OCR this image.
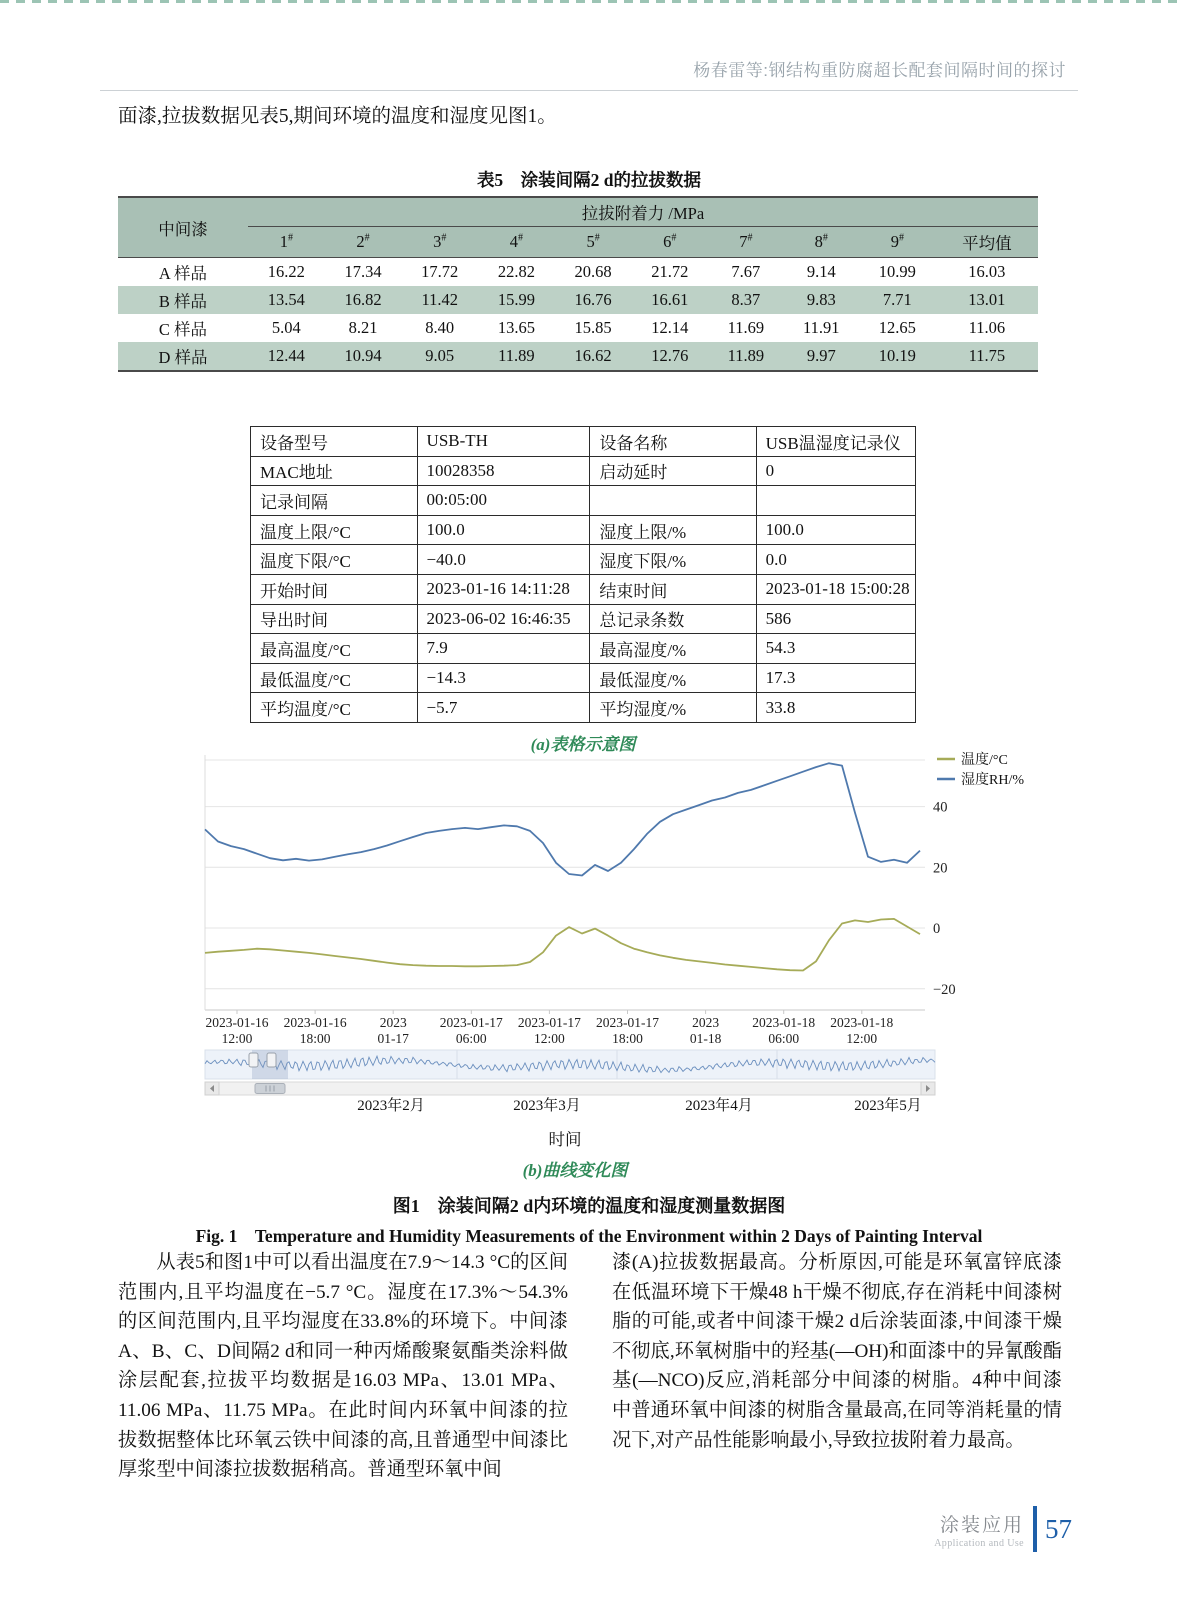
杨春雷等:钢结构重防腐超长配套间隔时间的探讨

面漆,拉拔数据见表5,期间环境的温度和湿度见图1。

表5　涂装间隔2 d的拉拔数据
中间漆	拉拔附着力 /MPa									
	1#	2#	3#	4#	5#	6#	7#	8#	9#	平均值
A 样品	16.22	17.34	17.72	22.82	20.68	21.72	7.67	9.14	10.99	16.03
B 样品	13.54	16.82	11.42	15.99	16.76	16.61	8.37	9.83	7.71	13.01
C 样品	5.04	8.21	8.40	13.65	15.85	12.14	11.69	11.91	12.65	11.06
D 样品	12.44	10.94	9.05	11.89	16.62	12.76	11.89	9.97	10.19	11.75
设备型号	USB-TH	设备名称	USB温湿度记录仪
MAC地址	10028358	启动延时	0
记录间隔	00:05:00		
温度上限/°C	100.0	湿度上限/%	100.0
温度下限/°C	−40.0	湿度下限/%	0.0
开始时间	2023-01-16 14:11:28	结束时间	2023-01-18 15:00:28
导出时间	2023-06-02 16:46:35	总记录条数	586
最高温度/°C	7.9	最高湿度/%	54.3
最低温度/°C	−14.3	最低湿度/%	17.3
平均温度/°C	−5.7	平均湿度/%	33.8
(a)表格示意图
40
20
0
−20
2023-01-16
12:00
2023-01-16
18:00
2023
01-17
2023-01-17
06:00
2023-01-17
12:00
2023-01-17
18:00
2023
01-18
2023-01-18
06:00
2023-01-18
12:00
温度/°C
湿度RH/%
2023年2月	2023年3月	2023年4月	2023年5月
时间
(b)曲线变化图
图1　涂装间隔2 d内环境的温度和湿度测量数据图
Fig. 1　Temperature and Humidity Measurements of the Environment within 2 Days of Painting Interval
从表5和图1中可以看出温度在7.9～14.3 °C的区间范围内,且平均温度在−5.7 °C。湿度在17.3%～54.3%的区间范围内,且平均湿度在33.8%的环境下。中间漆A、B、C、D间隔2 d和同一种丙烯酸聚氨酯类涂料做涂层配套,拉拔平均数据是16.03 MPa、13.01 MPa、11.06 MPa、11.75 MPa。在此时间内环氧中间漆的拉拔数据整体比环氧云铁中间漆的高,且普通型中间漆比厚浆型中间漆拉拔数据稍高。普通型环氧中间
漆(A)拉拔数据最高。分析原因,可能是环氧富锌底漆在低温环境下干燥48 h干燥不彻底,存在消耗中间漆树脂的可能,或者中间漆干燥2 d后涂装面漆,中间漆干燥不彻底,环氧树脂中的羟基(—OH)和面漆中的异氰酸酯基(—NCO)反应,消耗部分中间漆的树脂。4种中间漆中普通环氧中间漆的树脂含量最高,在同等消耗量的情况下,对产品性能影响最小,导致拉拔附着力最高。
涂装应用
Application and Use 57
